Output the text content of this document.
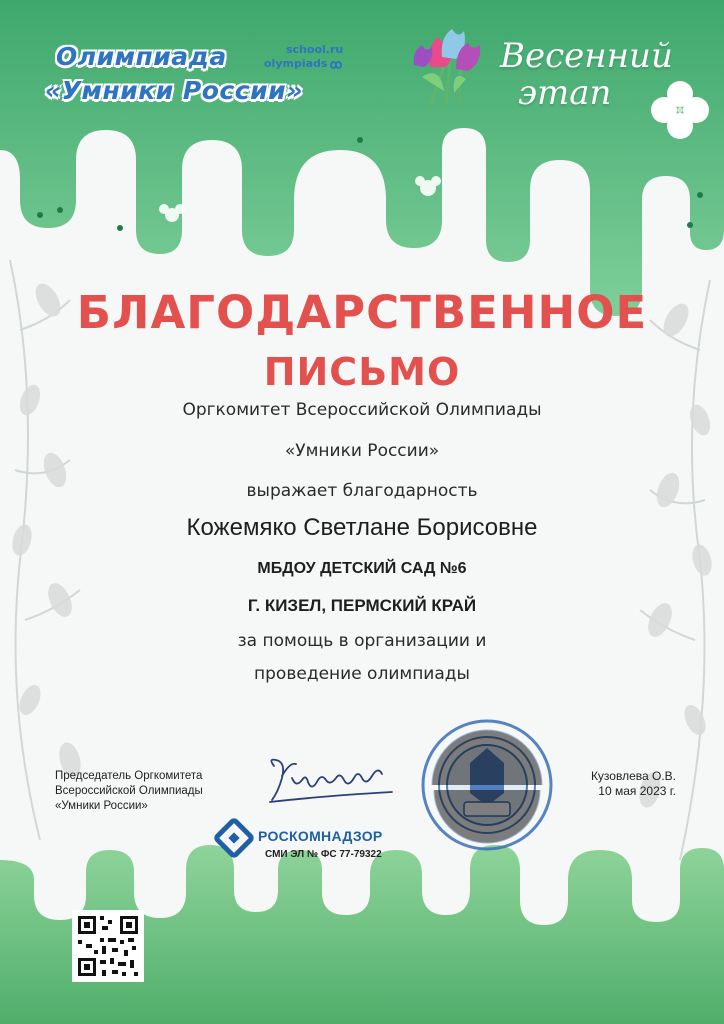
Олимпиада
«Умники России»
school.ru
olympiads	Весенний
этап
БЛАГОДАРСТВЕННОЕ
ПИСЬМО
Оргкомитет Всероссийской Олимпиады
«Умники России»
выражает благодарность
Кожемяко Светлане Борисовне
МБДОУ ДЕТСКИЙ САД №6
Г. КИЗЕЛ, ПЕРМСКИЙ КРАЙ
за помощь в организации и
проведение олимпиады
Председатель Оргкомитета
Всероссийской Олимпиады
«Умники России»
РОСКОМНАДЗОР
СМИ ЭЛ № ФС 77-79322
Кузовлева О.В.
10 мая 2023 г.
